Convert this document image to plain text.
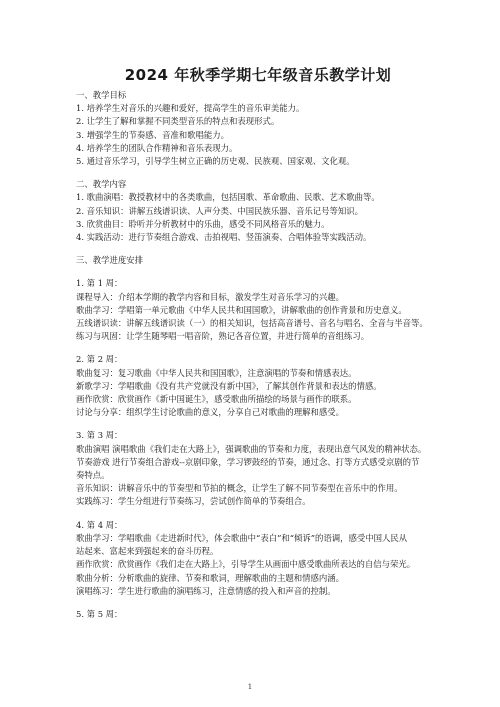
2024 年秋季学期七年级音乐教学计划
一、教学目标
1. 培养学生对音乐的兴趣和爱好，提高学生的音乐审美能力。
2. 让学生了解和掌握不同类型音乐的特点和表现形式。
3. 增强学生的节奏感、音准和歌唱能力。
4. 培养学生的团队合作精神和音乐表现力。
5. 通过音乐学习，引导学生树立正确的历史观、民族观、国家观、文化观。
二、教学内容
1. 歌曲演唱：教授教材中的各类歌曲，包括国歌、革命歌曲、民歌、艺术歌曲等。
2. 音乐知识：讲解五线谱识读、人声分类、中国民族乐器、音乐记号等知识。
3. 欣赏曲目：聆听并分析教材中的乐曲，感受不同风格音乐的魅力。
4. 实践活动：进行节奏组合游戏、击拍视唱、竖笛演奏、合唱体验等实践活动。
三、教学进度安排
1. 第 1 周：
课程导入：介绍本学期的教学内容和目标，激发学生对音乐学习的兴趣。
歌曲学习：学唱第一单元歌曲《中华人民共和国国歌》，讲解歌曲的创作背景和历史意义。
五线谱识读：讲解五线谱识读（一）的相关知识，包括高音谱号、音名与唱名、全音与半音等。
练习与巩固：让学生随琴唱一唱音阶，熟记各音位置，并进行简单的音组练习。
2. 第 2 周：
歌曲复习：复习歌曲《中华人民共和国国歌》，注意演唱的节奏和情感表达。
新歌学习：学唱歌曲《没有共产党就没有新中国》，了解其创作背景和表达的情感。
画作欣赏：欣赏画作《新中国诞生》，感受歌曲所描绘的场景与画作的联系。
讨论与分享：组织学生讨论歌曲的意义，分享自己对歌曲的理解和感受。
3. 第 3 周：
歌曲演唱 演唱歌曲《我们走在大路上》，强调歌曲的节奏和力度，表现出意气风发的精神状态。
节奏游戏 进行节奏组合游戏--京剧印象，学习锣鼓经的节奏，通过念、打等方式感受京剧的节
奏特点。
音乐知识：讲解音乐中的节奏型和节拍的概念，让学生了解不同节奏型在音乐中的作用。
实践练习：学生分组进行节奏练习，尝试创作简单的节奏组合。
4. 第 4 周：
歌曲学习：学唱歌曲《走进新时代》，体会歌曲中“表白”和“倾诉”的语调，感受中国人民从
站起来、富起来到强起来的奋斗历程。
画作欣赏：欣赏画作《我们走在大路上》，引导学生从画面中感受歌曲所表达的自信与荣光。
歌曲分析：分析歌曲的旋律、节奏和歌词，理解歌曲的主题和情感内涵。
演唱练习：学生进行歌曲的演唱练习，注意情感的投入和声音的控制。
5. 第 5 周：
1
